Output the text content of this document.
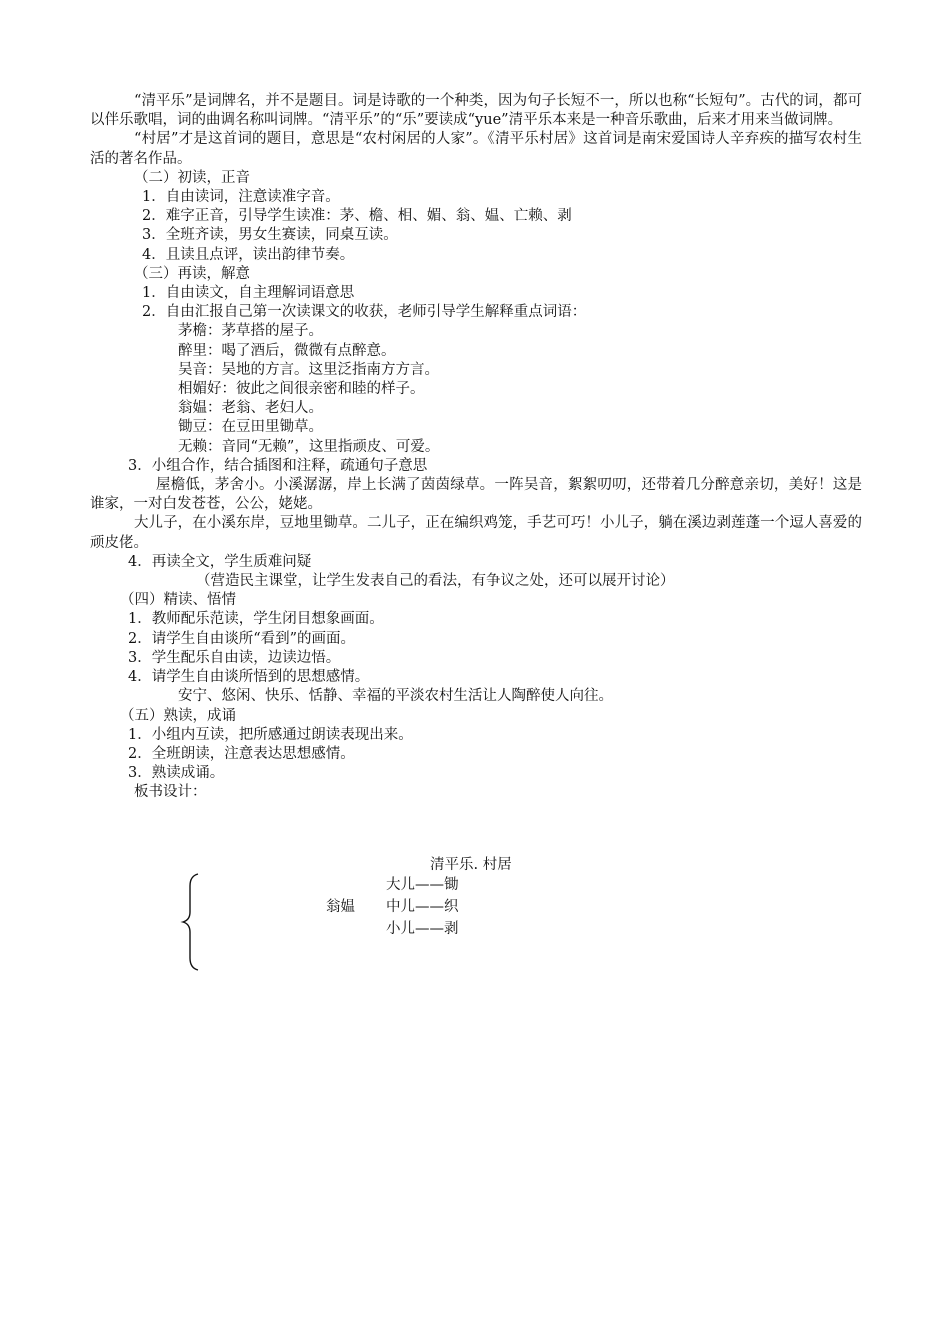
“清平乐”是词牌名，并不是题目。词是诗歌的一个种类，因为句子长短不一，所以也称“长短句”。古代的词，都可以伴乐歌唱，词的曲调名称叫词牌。“清平乐”的“乐”要读成“yue”清平乐本来是一种音乐歌曲，后来才用来当做词牌。

“村居”才是这首词的题目，意思是“农村闲居的人家”。《清平乐村居》这首词是南宋爱国诗人辛弃疾的描写农村生活的著名作品。

（二）初读，正音

1．自由读词，注意读准字音。

2．难字正音，引导学生读准：茅、檐、相、媚、翁、媪、亡赖、剥

3．全班齐读，男女生赛读，同桌互读。

4．且读且点评，读出韵律节奏。

（三）再读，解意

1．自由读文，自主理解词语意思

2．自由汇报自己第一次读课文的收获，老师引导学生解释重点词语：

茅檐：茅草搭的屋子。

醉里：喝了酒后，微微有点醉意。

吴音：吴地的方言。这里泛指南方方言。

相媚好：彼此之间很亲密和睦的样子。

翁媪：老翁、老妇人。

锄豆：在豆田里锄草。

无赖：音同“无赖”，这里指顽皮、可爱。

3．小组合作，结合插图和注释，疏通句子意思

屋檐低，茅舍小。小溪潺潺，岸上长满了茵茵绿草。一阵吴音，絮絮叨叨，还带着几分醉意亲切，美好！这是谁家，一对白发苍苍，公公，姥姥。

大儿子，在小溪东岸，豆地里锄草。二儿子，正在编织鸡笼，手艺可巧！小儿子，躺在溪边剥莲蓬一个逗人喜爱的顽皮佬。

4．再读全文，学生质难问疑

（营造民主课堂，让学生发表自己的看法，有争议之处，还可以展开讨论）

（四）精读、悟情

1．教师配乐范读，学生闭目想象画面。

2．请学生自由谈所“看到”的画面。

3．学生配乐自由读，边读边悟。

4．请学生自由谈所悟到的思想感情。

安宁、悠闲、快乐、恬静、幸福的平淡农村生活让人陶醉使人向往。

（五）熟读，成诵

1．小组内互读，把所感通过朗读表现出来。

2．全班朗读，注意表达思想感情。

3．熟读成诵。

板书设计：

清平乐. 村居
翁媪
大儿——锄
中儿——织
小儿——剥
